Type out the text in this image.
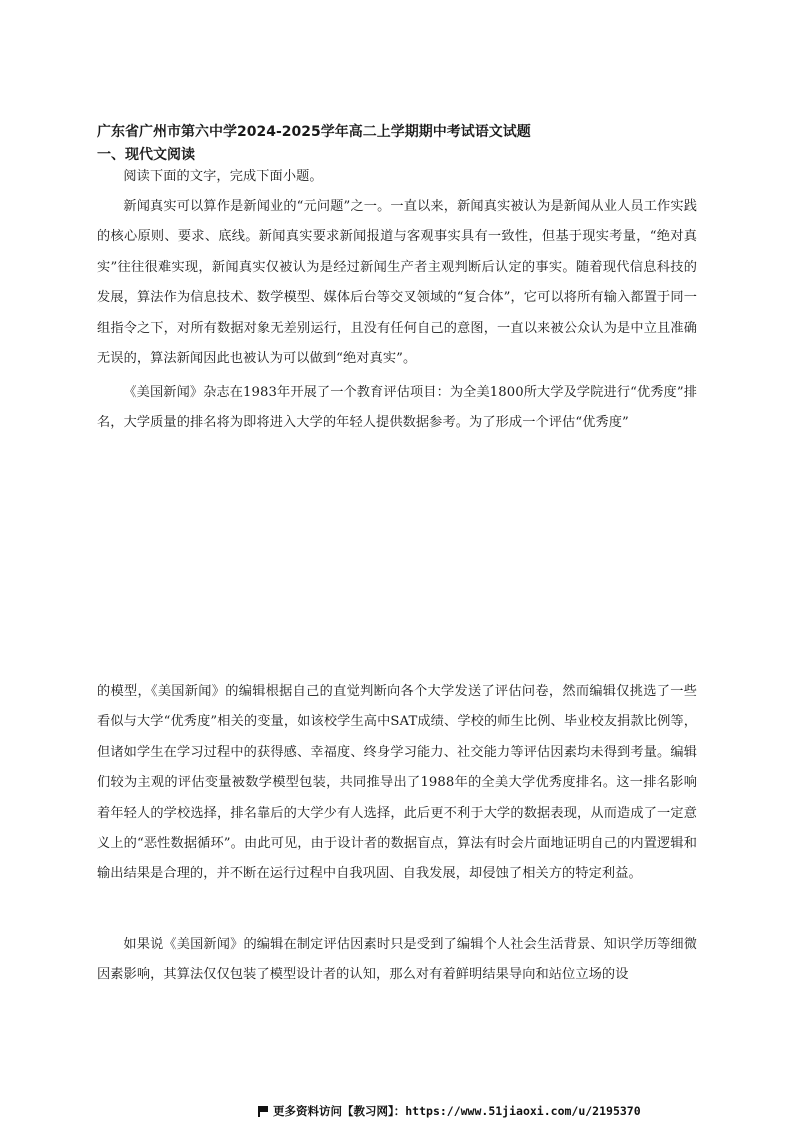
广东省广州市第六中学2024-2025学年高二上学期期中考试语文试题
一、现代文阅读

阅读下面的文字，完成下面小题。

新闻真实可以算作是新闻业的“元问题”之一。一直以来，新闻真实被认为是新闻从业人员工作实践的核心原则、要求、底线。新闻真实要求新闻报道与客观事实具有一致性，但基于现实考量，“绝对真实”往往很难实现，新闻真实仅被认为是经过新闻生产者主观判断后认定的事实。随着现代信息科技的发展，算法作为信息技术、数学模型、媒体后台等交叉领域的“复合体”，它可以将所有输入都置于同一组指令之下，对所有数据对象无差别运行，且没有任何自己的意图，一直以来被公众认为是中立且准确无误的，算法新闻因此也被认为可以做到“绝对真实”。

《美国新闻》杂志在1983年开展了一个教育评估项目：为全美1800所大学及学院进行“优秀度”排名，大学质量的排名将为即将进入大学的年轻人提供数据参考。为了形成一个评估“优秀度”

的模型，《美国新闻》的编辑根据自己的直觉判断向各个大学发送了评估问卷，然而编辑仅挑选了一些看似与大学“优秀度”相关的变量，如该校学生高中SAT成绩、学校的师生比例、毕业校友捐款比例等，但诸如学生在学习过程中的获得感、幸福度、终身学习能力、社交能力等评估因素均未得到考量。编辑们较为主观的评估变量被数学模型包装，共同推导出了1988年的全美大学优秀度排名。这一排名影响着年轻人的学校选择，排名靠后的大学少有人选择，此后更不利于大学的数据表现，从而造成了一定意义上的“恶性数据循环”。由此可见，由于设计者的数据盲点，算法有时会片面地证明自己的内置逻辑和输出结果是合理的，并不断在运行过程中自我巩固、自我发展，却侵蚀了相关方的特定利益。

如果说《美国新闻》的编辑在制定评估因素时只是受到了编辑个人社会生活背景、知识学历等细微因素影响，其算法仅仅包装了模型设计者的认知，那么对有着鲜明结果导向和站位立场的设

更多资料访问【教习网】：https://www.51jiaoxi.com/u/2195370
